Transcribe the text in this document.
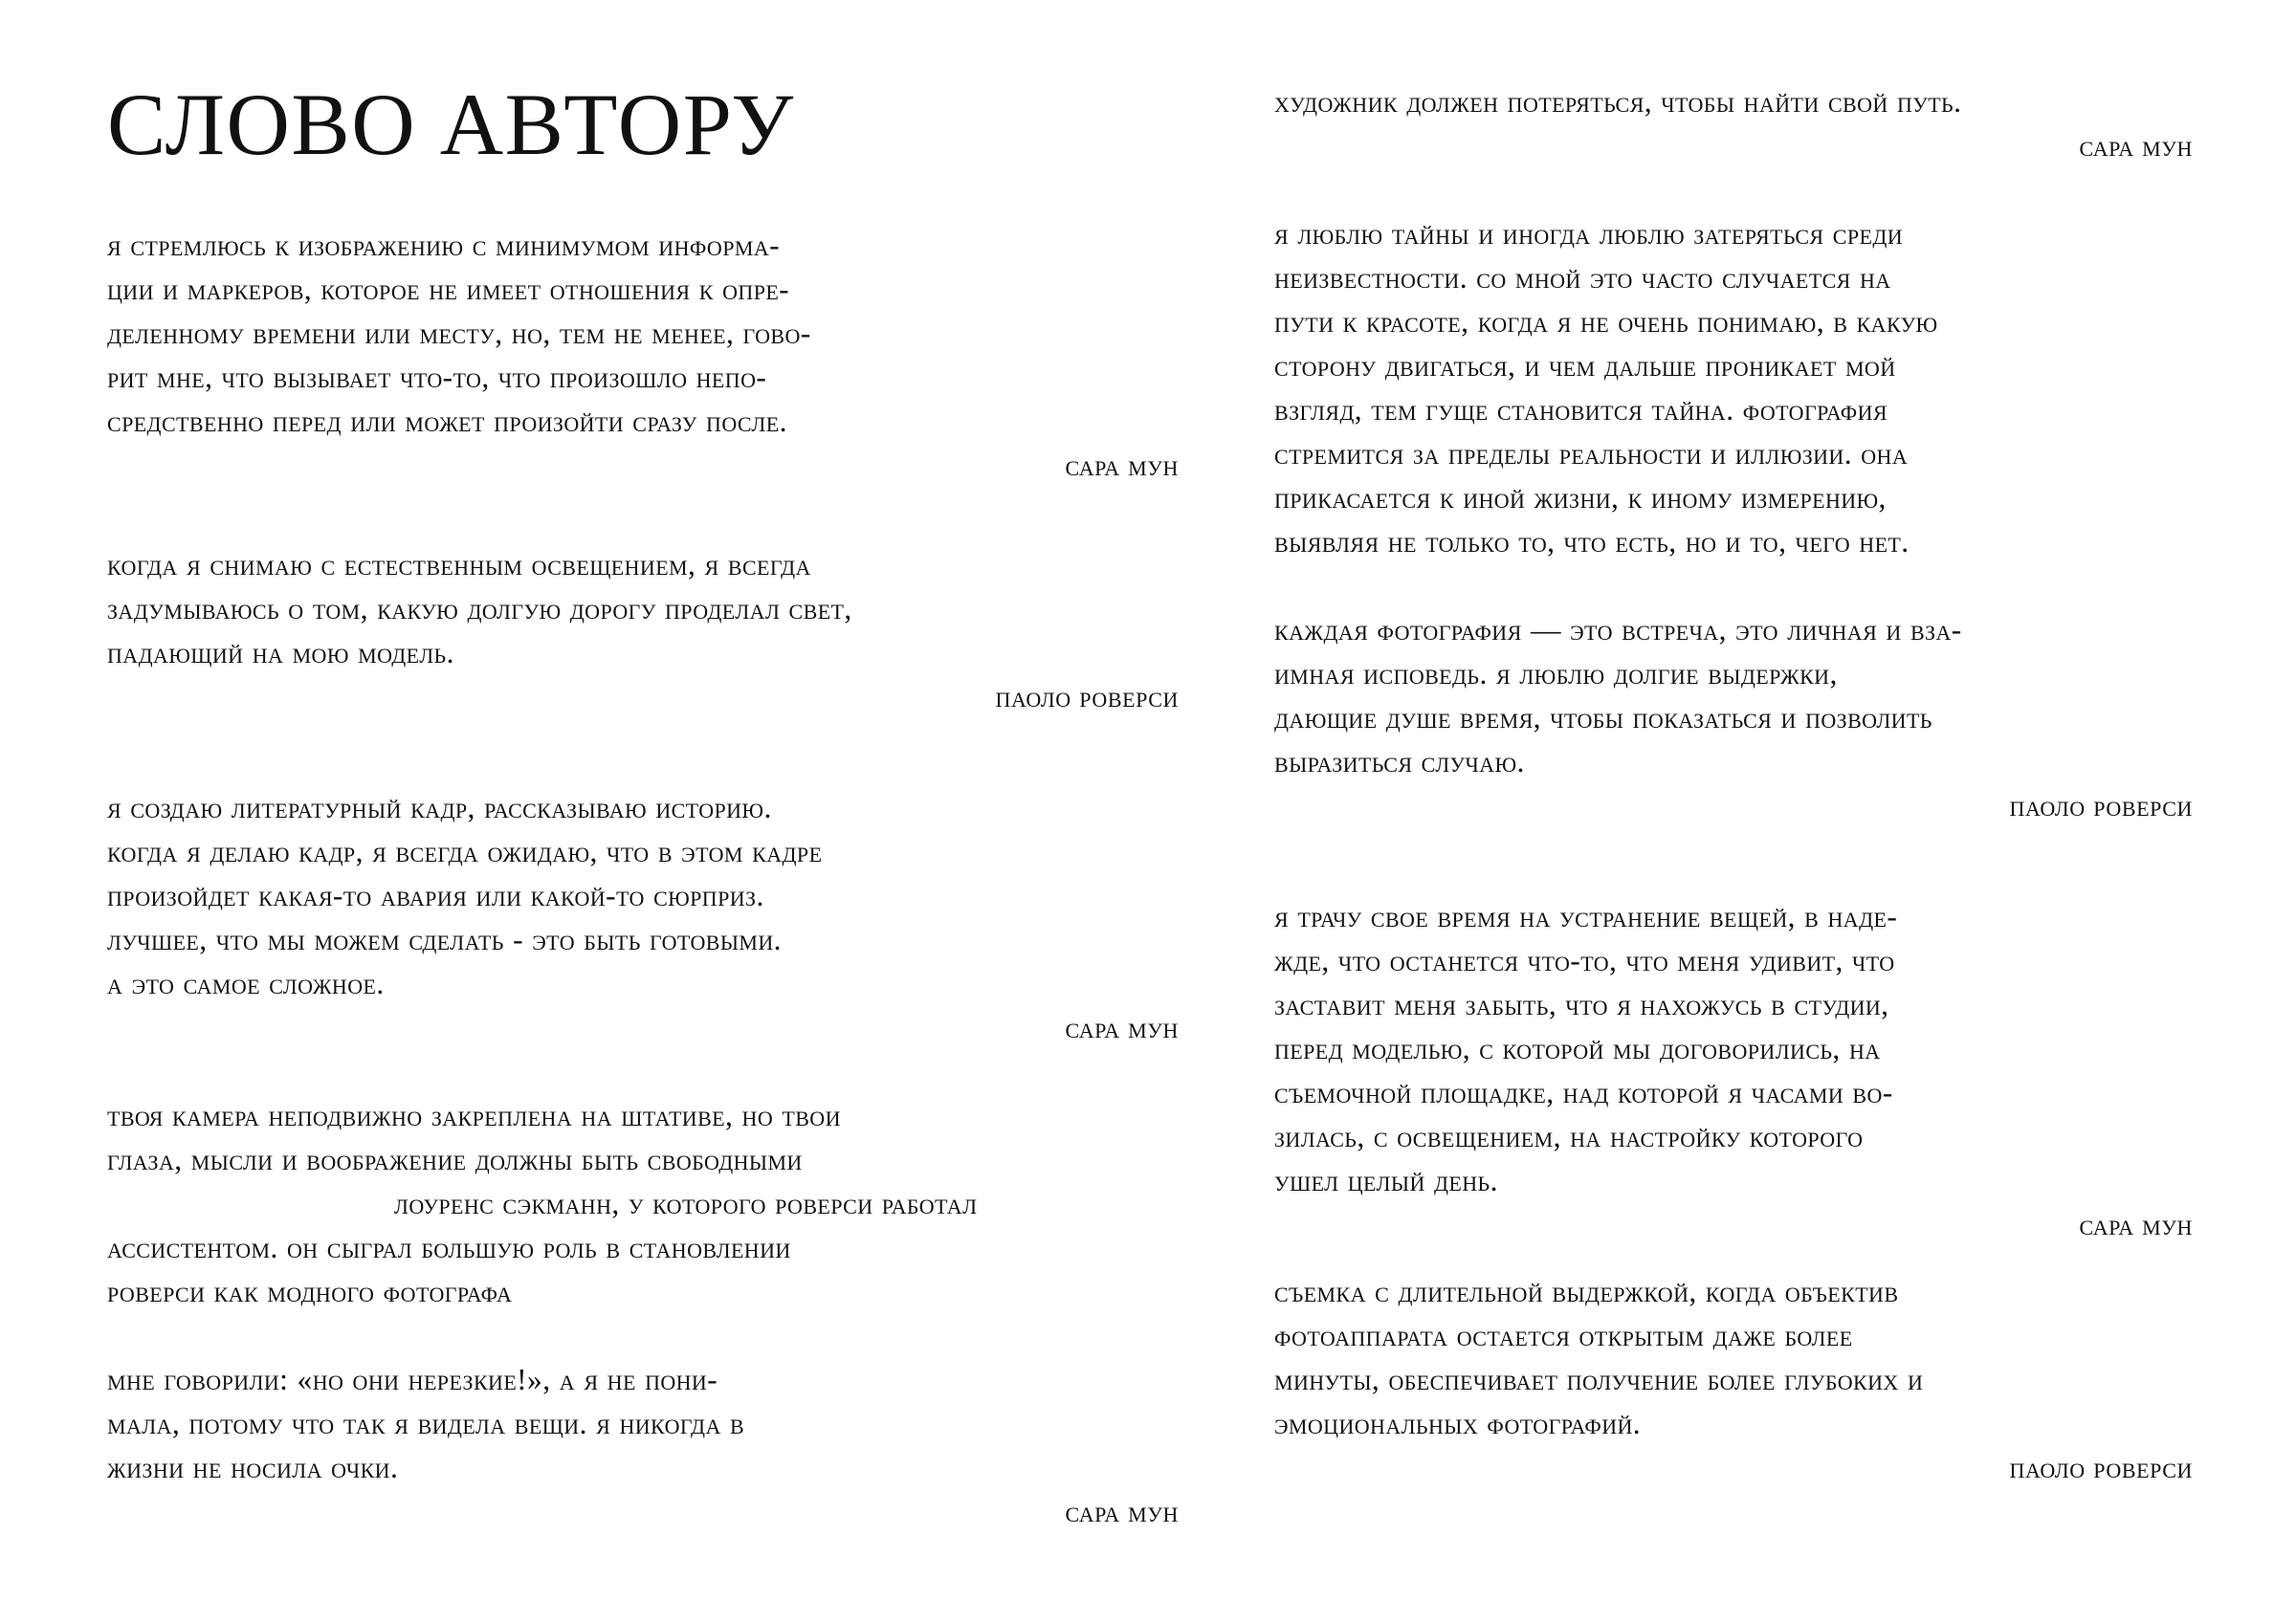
СЛОВО АВТОРУ

я стремлюсь к изображению с минимумом информа-
ции и маркеров, которое не имеет отношения к опре-
деленному времени или месту, но, тем не менее, гово-
рит мне, что вызывает что-то, что произошло непо-
средственно перед или может произойти сразу после.

сара мун

когда я снимаю с естественным освещением, я всегда
задумываюсь о том, какую долгую дорогу проделал свет,
падающий на мою модель.

паоло роверси

я создаю литературный кадр, рассказываю историю.
когда я делаю кадр, я всегда ожидаю, что в этом кадре
произойдет какая-то авария или какой-то сюрприз.
лучшее, что мы можем сделать - это быть готовыми.
а это самое сложное.

сара мун

твоя камера неподвижно закреплена на штативе, но твои
глаза, мысли и воображение должны быть свободными

лоуренс сэкманн, у которого роверси работал
ассистентом. он сыграл большую роль в становлении
роверси как модного фотографа

мне говорили: «но они нерезкие!», а я не пони-
мала, потому что так я видела вещи. я никогда в
жизни не носила очки.

сара мун

художник должен потеряться, чтобы найти свой путь.

сара мун

я люблю тайны и иногда люблю затеряться среди
неизвестности. со мной это часто случается на
пути к красоте, когда я не очень понимаю, в какую
сторону двигаться, и чем дальше проникает мой
взгляд, тем гуще становится тайна. фотография
стремится за пределы реальности и иллюзии. она
прикасается к иной жизни, к иному измерению,
выявляя не только то, что есть, но и то, чего нет.

каждая фотография — это встреча, это личная и вза-
имная исповедь. я люблю долгие выдержки,
дающие душе время, чтобы показаться и позволить
выразиться случаю.

паоло роверси

я трачу свое время на устранение вещей, в наде-
жде, что останется что-то, что меня удивит, что
заставит меня забыть, что я нахожусь в студии,
перед моделью, с которой мы договорились, на
съемочной площадке, над которой я часами во-
зилась, с освещением, на настройку которого
ушел целый день.

сара мун

съемка с длительной выдержкой, когда объектив
фотоаппарата остается открытым даже более
минуты, обеспечивает получение более глубоких и
эмоциональных фотографий.

паоло роверси
